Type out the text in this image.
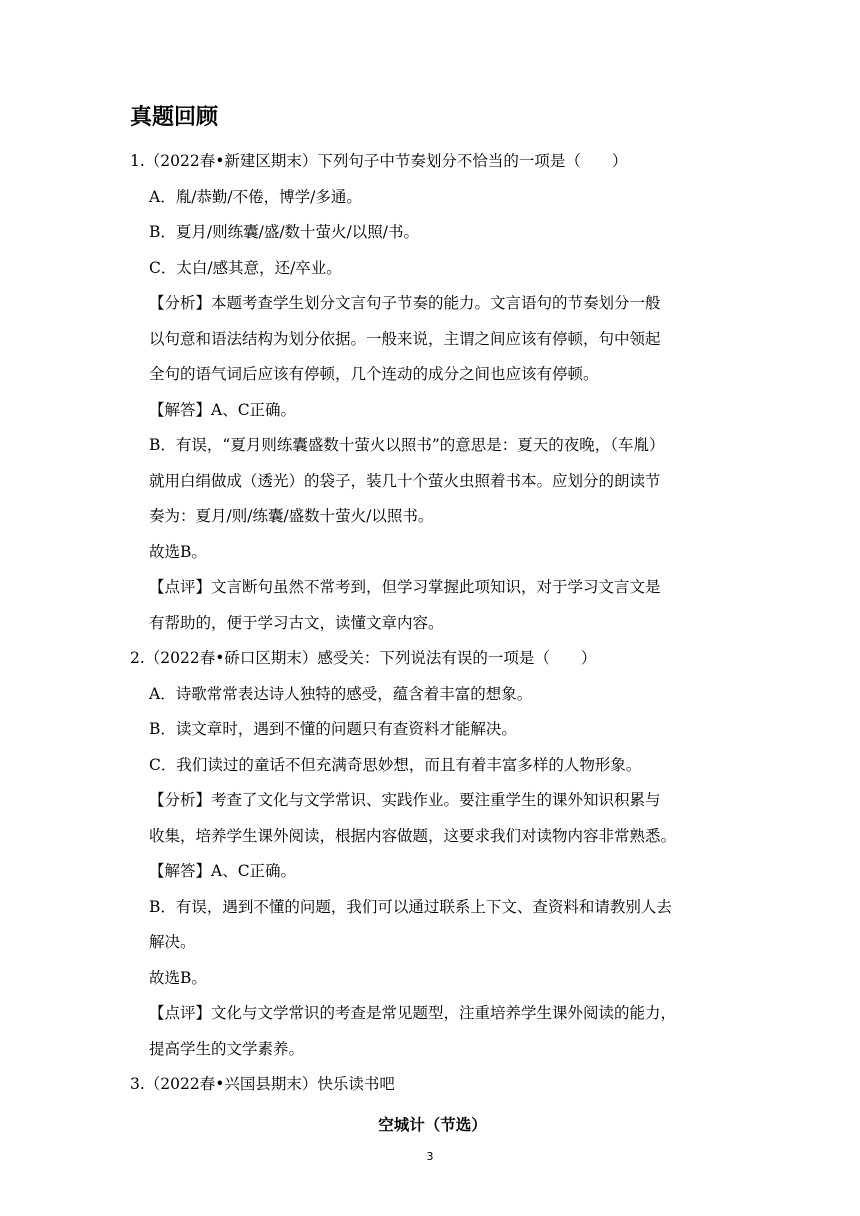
真题回顾

1.（2022春•新建区期末）下列句子中节奏划分不恰当的一项是（　　）

A．胤/恭勤/不倦，博学/多通。

B．夏月/则练囊/盛/数十萤火/以照/书。

C．太白/感其意，还/卒业。

【分析】本题考查学生划分文言句子节奏的能力。文言语句的节奏划分一般

以句意和语法结构为划分依据。一般来说，主谓之间应该有停顿，句中领起

全句的语气词后应该有停顿，几个连动的成分之间也应该有停顿。

【解答】A、C正确。

B．有误，“夏月则练囊盛数十萤火以照书”的意思是：夏天的夜晚，（车胤）

就用白绢做成（透光）的袋子，装几十个萤火虫照着书本。应划分的朗读节

奏为：夏月/则/练囊/盛数十萤火/以照书。

故选B。

【点评】文言断句虽然不常考到，但学习掌握此项知识，对于学习文言文是

有帮助的，便于学习古文，读懂文章内容。

2.（2022春•硚口区期末）感受关：下列说法有误的一项是（　　）

A．诗歌常常表达诗人独特的感受，蕴含着丰富的想象。

B．读文章时，遇到不懂的问题只有查资料才能解决。

C．我们读过的童话不但充满奇思妙想，而且有着丰富多样的人物形象。

【分析】考查了文化与文学常识、实践作业。要注重学生的课外知识积累与

收集，培养学生课外阅读，根据内容做题，这要求我们对读物内容非常熟悉。

【解答】A、C正确。

B．有误，遇到不懂的问题，我们可以通过联系上下文、查资料和请教别人去

解决。

故选B。

【点评】文化与文学常识的考查是常见题型，注重培养学生课外阅读的能力，

提高学生的文学素养。

3.（2022春•兴国县期末）快乐读书吧

空城计（节选）

3
